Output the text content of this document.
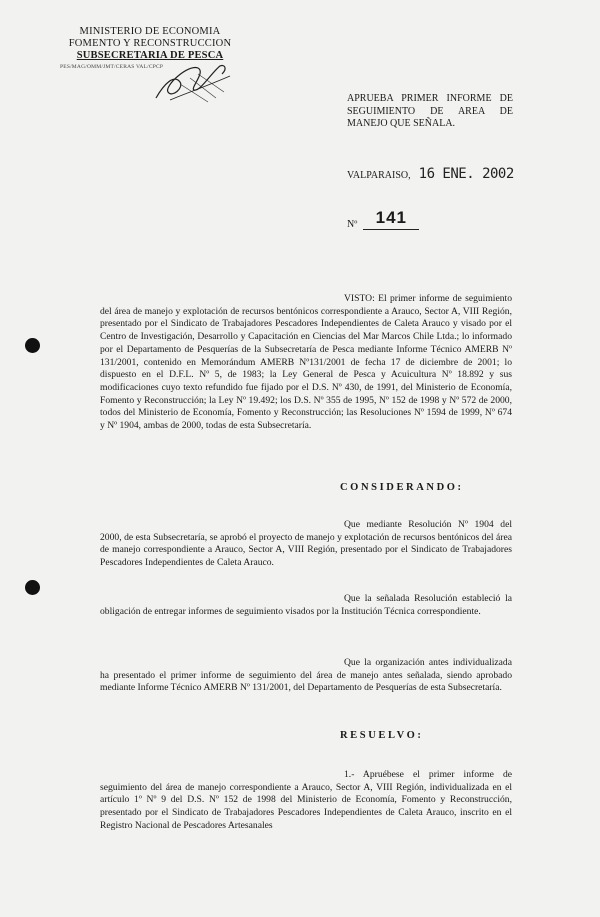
MINISTERIO DE ECONOMIA
FOMENTO Y RECONSTRUCCION
SUBSECRETARIA DE PESCA
PES/MAG/OMM/JMT/CERAS VAL/CPCP
APRUEBA PRIMER INFORME DE
SEGUIMIENTO DE AREA DE
MANEJO QUE SEÑALA.
VALPARAISO, 16 ENE. 2002
Nº	141
VISTO: El primer informe de seguimiento del área de manejo y explotación de recursos bentónicos correspondiente a Arauco, Sector A, VIII Región, presentado por el Sindicato de Trabajadores Pescadores Independientes de Caleta Arauco y visado por el Centro de Investigación, Desarrollo y Capacitación en Ciencias del Mar Marcos Chile Ltda.; lo informado por el Departamento de Pesquerías de la Subsecretaría de Pesca mediante Informe Técnico AMERB Nº 131/2001, contenido en Memorándum AMERB Nº131/2001 de fecha 17 de diciembre de 2001; lo dispuesto en el D.F.L. Nº 5, de 1983; la Ley General de Pesca y Acuicultura Nº 18.892 y sus modificaciones cuyo texto refundido fue fijado por el D.S. Nº 430, de 1991, del Ministerio de Economía, Fomento y Reconstrucción; la Ley Nº 19.492; los D.S. Nº 355 de 1995, Nº 152 de 1998 y Nº 572 de 2000, todos del Ministerio de Economía, Fomento y Reconstrucción; las Resoluciones Nº 1594 de 1999, Nº 674 y Nº 1904, ambas de 2000, todas de esta Subsecretaría.
CONSIDERANDO:
Que mediante Resolución Nº 1904 del 2000, de esta Subsecretaría, se aprobó el proyecto de manejo y explotación de recursos bentónicos del área de manejo correspondiente a Arauco, Sector A, VIII Región, presentado por el Sindicato de Trabajadores Pescadores Independientes de Caleta Arauco.
Que la señalada Resolución estableció la obligación de entregar informes de seguimiento visados por la Institución Técnica correspondiente.
Que la organización antes individualizada ha presentado el primer informe de seguimiento del área de manejo antes señalada, siendo aprobado mediante Informe Técnico AMERB Nº 131/2001, del Departamento de Pesquerías de esta Subsecretaría.
RESUELVO:
1.- Apruébese el primer informe de seguimiento del área de manejo correspondiente a Arauco, Sector A, VIII Región, individualizada en el artículo 1º Nº 9 del D.S. Nº 152 de 1998 del Ministerio de Economía, Fomento y Reconstrucción, presentado por el Sindicato de Trabajadores Pescadores Independientes de Caleta Arauco, inscrito en el Registro Nacional de Pescadores Artesanales
